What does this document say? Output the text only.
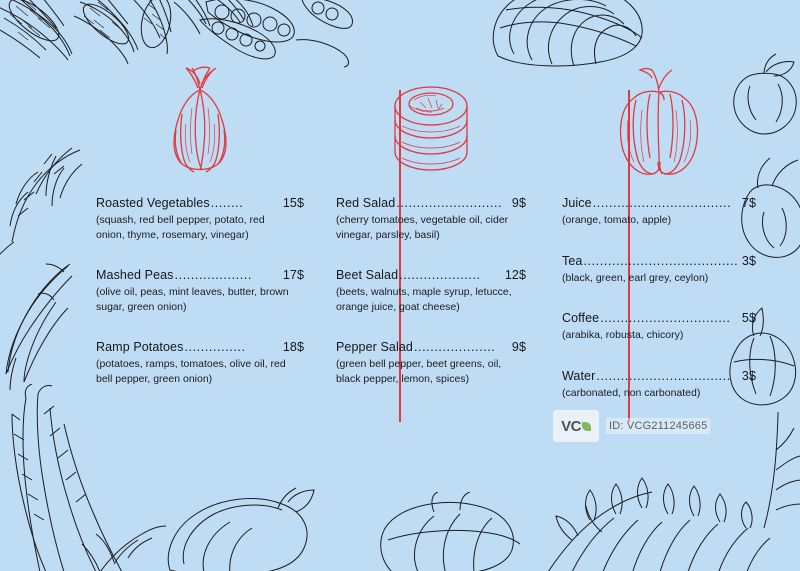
Roasted Vegetables ........	15$
(squash, red bell pepper, potato, red onion, thyme, rosemary, vinegar)
Mashed Peas ...................	17$
(olive oil, peas, mint leaves, butter, brown sugar, green onion)
Ramp Potatoes ...............	18$
(potatoes, ramps, tomatoes, olive oil, red bell pepper, green onion)
Red Salad .......................... 9$
(cherry tomatoes, vegetable oil, cider vinegar, parsley, basil)
Beet Salad ....................	12$
(beets, walnuts, maple syrup, letucce, orange juice, goat cheese)
Pepper Salad ....................	9$
(green bell pepper, beet greens, oil, black pepper, lemon, spices)
Juice .................................. 7$
(orange, tomato, apple)
Tea ...................................... 3$
(black, green, earl grey, ceylon)
Coffee ................................ 5$
(arabika, robusta, chicory)
Water ................................. 3$
(carbonated, non carbonated)
VC	ID: VCG211245665
